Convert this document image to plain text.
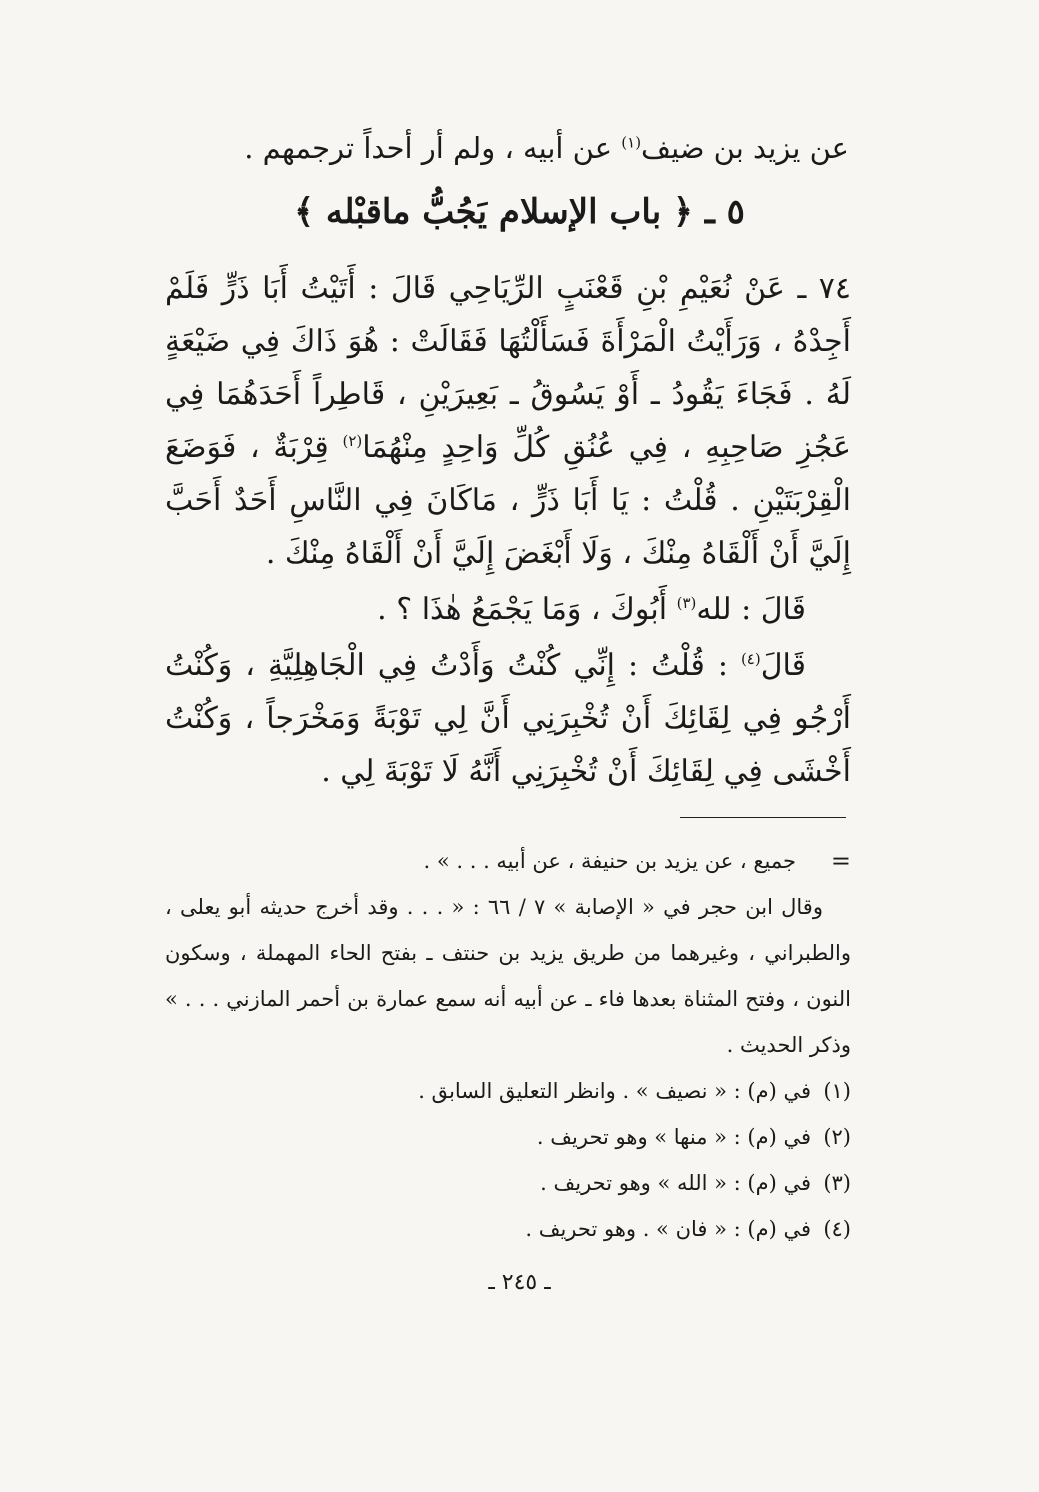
عن يزيد بن ضيف$^{(١)}$ عن أبيه ، ولم أر أحداً ترجمهم .
٥ ـ ﴿ باب الإسلام يَجُبُّ ماقبْله ﴾

٧٤ ـ عَنْ نُعَيْمِ بْنِ قَعْنَبٍ الرِّيَاحِي قَالَ : أَتَيْتُ أَبَا ذَرٍّ فَلَمْ أَجِدْهُ ، وَرَأَيْتُ الْمَرْأَةَ فَسَأَلْتُهَا فَقَالَتْ : هُوَ ذَاكَ فِي ضَيْعَةٍ لَهُ . فَجَاءَ يَقُودُ ـ أَوْ يَسُوقُ ـ بَعِيرَيْنِ ، قَاطِراً أَحَدَهُمَا فِي عَجُزِ صَاحِبِهِ ، فِي عُنُقِ كُلِّ وَاحِدٍ مِنْهُمَا$^{(٢)}$ قِرْبَةٌ ، فَوَضَعَ الْقِرْبَتَيْنِ . قُلْتُ : يَا أَبَا ذَرٍّ ، مَاكَانَ فِي النَّاسِ أَحَدٌ أَحَبَّ إِلَيَّ أَنْ أَلْقَاهُ مِنْكَ ، وَلَا أَبْغَضَ إِلَيَّ أَنْ أَلْقَاهُ مِنْكَ .

قَالَ : لله$^{(٣)}$ أَبُوكَ ، وَمَا يَجْمَعُ هٰذَا ؟ .

قَالَ$^{(٤)}$ : قُلْتُ : إِنِّي كُنْتُ وَأَدْتُ فِي الْجَاهِلِيَّةِ ، وَكُنْتُ أَرْجُو فِي لِقَائِكَ أَنْ تُخْبِرَنِي أَنَّ لِي تَوْبَةً وَمَخْرَجاً ، وَكُنْتُ أَخْشَى فِي لِقَائِكَ أَنْ تُخْبِرَنِي أَنَّهُ لَا تَوْبَةَ لِي .

=
جميع ، عن يزيد بن حنيفة ، عن أبيه . . . » .

وقال ابن حجر في « الإصابة » ٧ / ٦٦ : « . . . وقد أخرج حديثه أبو يعلى ، والطبراني ، وغيرهما من طريق يزيد بن حنتف ـ بفتح الحاء المهملة ، وسكون النون ، وفتح المثناة بعدها فاء ـ عن أبيه أنه سمع عمارة بن أحمر المازني . . . » وذكر الحديث .

(١)في (م) : « نصيف » . وانظر التعليق السابق .

(٢)في (م) : « منها » وهو تحريف .

(٣)في (م) : « الله » وهو تحريف .

(٤)في (م) : « فان » . وهو تحريف .

ـ ٢٤٥ ـ
